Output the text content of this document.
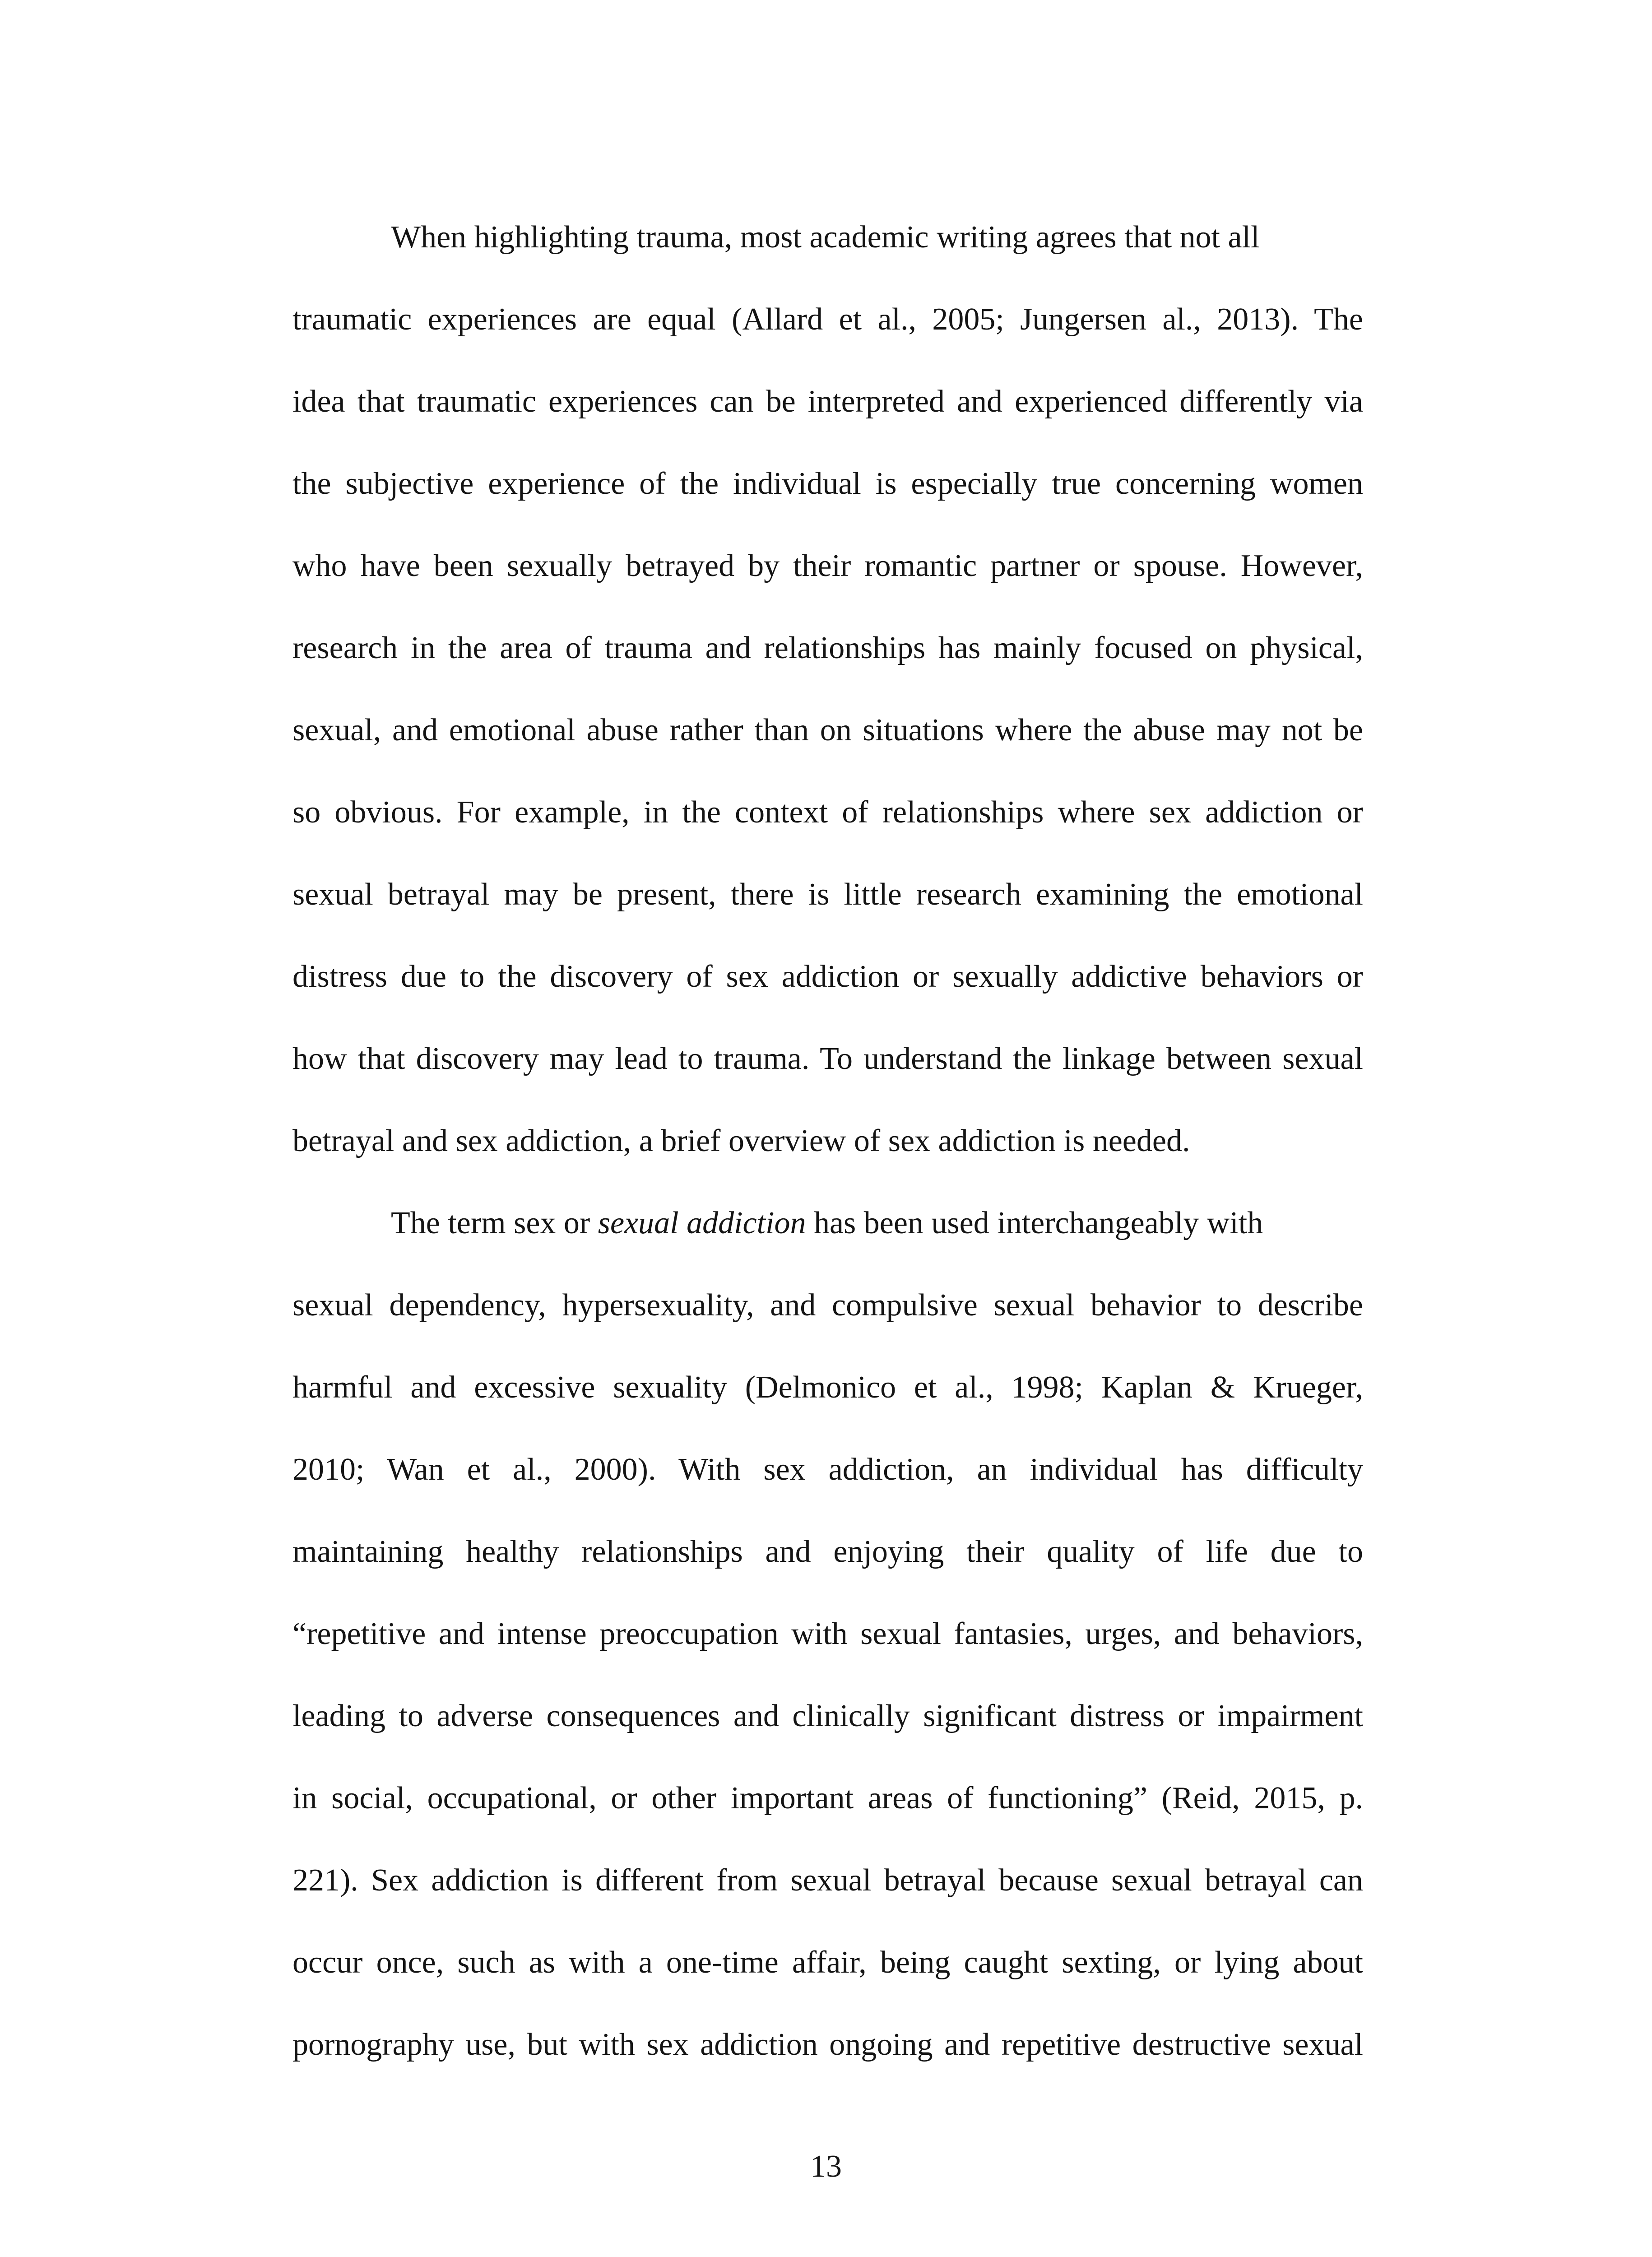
When highlighting trauma, most academic writing agrees that not all
traumatic experiences are equal (Allard et al., 2005; Jungersen al., 2013). The
idea that traumatic experiences can be interpreted and experienced differently via
the subjective experience of the individual is especially true concerning women
who have been sexually betrayed by their romantic partner or spouse. However,
research in the area of trauma and relationships has mainly focused on physical,
sexual, and emotional abuse rather than on situations where the abuse may not be
so obvious. For example, in the context of relationships where sex addiction or
sexual betrayal may be present, there is little research examining the emotional
distress due to the discovery of sex addiction or sexually addictive behaviors or
how that discovery may lead to trauma. To understand the linkage between sexual
betrayal and sex addiction, a brief overview of sex addiction is needed.
The term sex or sexual addiction has been used interchangeably with
sexual dependency, hypersexuality, and compulsive sexual behavior to describe
harmful and excessive sexuality (Delmonico et al., 1998; Kaplan & Krueger,
2010; Wan et al., 2000). With sex addiction, an individual has difficulty
maintaining healthy relationships and enjoying their quality of life due to
“repetitive and intense preoccupation with sexual fantasies, urges, and behaviors,
leading to adverse consequences and clinically significant distress or impairment
in social, occupational, or other important areas of functioning” (Reid, 2015, p.
221). Sex addiction is different from sexual betrayal because sexual betrayal can
occur once, such as with a one-time affair, being caught sexting, or lying about
pornography use, but with sex addiction ongoing and repetitive destructive sexual
13
